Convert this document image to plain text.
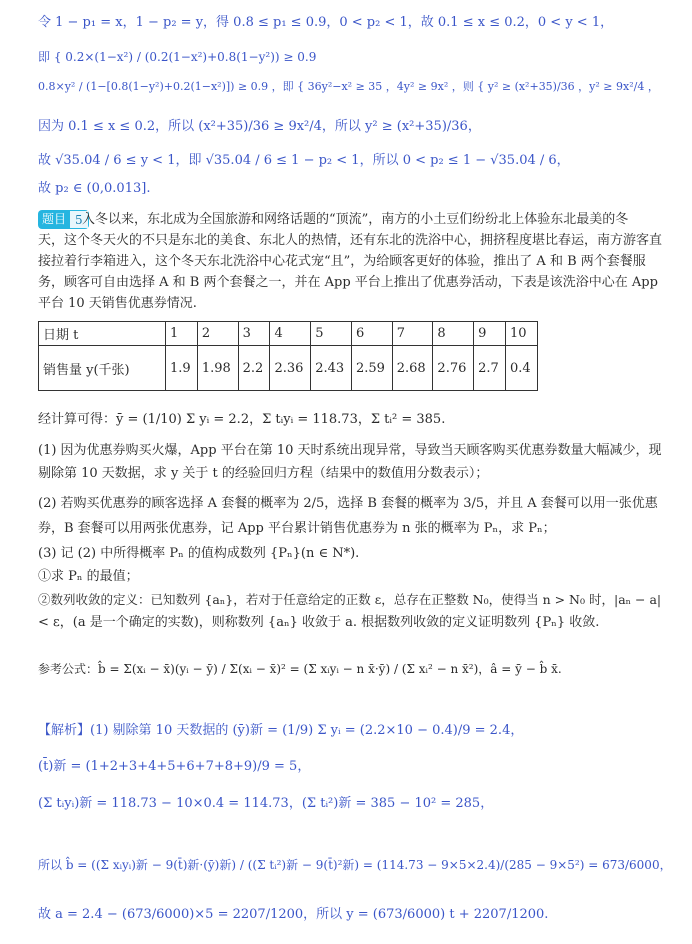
令 1 − p₁ = x，1 − p₂ = y，得 0.8 ≤ p₁ ≤ 0.9，0 < p₂ < 1，故 0.1 ≤ x ≤ 0.2，0 < y < 1，
即 { 0.2×(1−x²) / (0.2(1−x²)+0.8(1−y²)) ≥ 0.9
0.8×y² / (1−[0.8(1−y²)+0.2(1−x²)]) ≥ 0.9 ，即 { 36y²−x² ≥ 35 ，4y² ≥ 9x² ，则 { y² ≥ (x²+35)/36 ，y² ≥ 9x²/4 ，
因为 0.1 ≤ x ≤ 0.2，所以 (x²+35)/36 ≥ 9x²/4，所以 y² ≥ (x²+35)/36，
故 √35.04 / 6 ≤ y < 1，即 √35.04 / 6 ≤ 1 − p₂ < 1，所以 0 < p₂ ≤ 1 − √35.04 / 6，
故 p₂ ∈ (0,0.013].
题目 5 入冬以来，东北成为全国旅游和网络话题的“顶流”，南方的小土豆们纷纷北上体验东北最美的冬
天，这个冬天火的不只是东北的美食、东北人的热情，还有东北的洗浴中心，拥挤程度堪比春运，南方游客直
接拉着行李箱进入，这个冬天东北洗浴中心花式宠“且”，为给顾客更好的体验，推出了 A 和 B 两个套餐服
务，顾客可自由选择 A 和 B 两个套餐之一，并在 App 平台上推出了优惠券活动，下表是该洗浴中心在 App
平台 10 天销售优惠券情况.
日期 t	1	2	3	4	5	6	7	8	9	10
销售量 y(千张)	1.9	1.98	2.2	2.36	2.43	2.59	2.68	2.76	2.7	0.4
经计算可得：ȳ = (1/10) Σ yᵢ = 2.2，Σ tᵢyᵢ = 118.73，Σ tᵢ² = 385.
(1) 因为优惠券购买火爆，App 平台在第 10 天时系统出现异常，导致当天顾客购买优惠券数量大幅减少，现
剔除第 10 天数据，求 y 关于 t 的经验回归方程（结果中的数值用分数表示）；
(2) 若购买优惠券的顾客选择 A 套餐的概率为 2/5，选择 B 套餐的概率为 3/5，并且 A 套餐可以用一张优惠
券，B 套餐可以用两张优惠券，记 App 平台累计销售优惠券为 n 张的概率为 Pₙ，求 Pₙ；
(3) 记 (2) 中所得概率 Pₙ 的值构成数列 {Pₙ}(n ∈ N*).
①求 Pₙ 的最值；
②数列收敛的定义：已知数列 {aₙ}，若对于任意给定的正数 ε，总存在正整数 N₀，使得当 n > N₀ 时，|aₙ − a|
< ε，(a 是一个确定的实数)，则称数列 {aₙ} 收敛于 a. 根据数列收敛的定义证明数列 {Pₙ} 收敛.
参考公式：b̂ = Σ(xᵢ − x̄)(yᵢ − ȳ) / Σ(xᵢ − x̄)² = (Σ xᵢyᵢ − n x̄·ȳ) / (Σ xᵢ² − n x̄²)，â = ȳ − b̂ x̄.
【解析】(1) 剔除第 10 天数据的 (ȳ)新 = (1/9) Σ yᵢ = (2.2×10 − 0.4)/9 = 2.4，
(t̄)新 = (1+2+3+4+5+6+7+8+9)/9 = 5，
(Σ tᵢyᵢ)新 = 118.73 − 10×0.4 = 114.73，(Σ tᵢ²)新 = 385 − 10² = 285，
所以 b̂ = ((Σ xᵢyᵢ)新 − 9(t̄)新·(ȳ)新) / ((Σ tᵢ²)新 − 9(t̄)²新) = (114.73 − 9×5×2.4)/(285 − 9×5²) = 673/6000，
故 a = 2.4 − (673/6000)×5 = 2207/1200，所以 y = (673/6000) t + 2207/1200.
